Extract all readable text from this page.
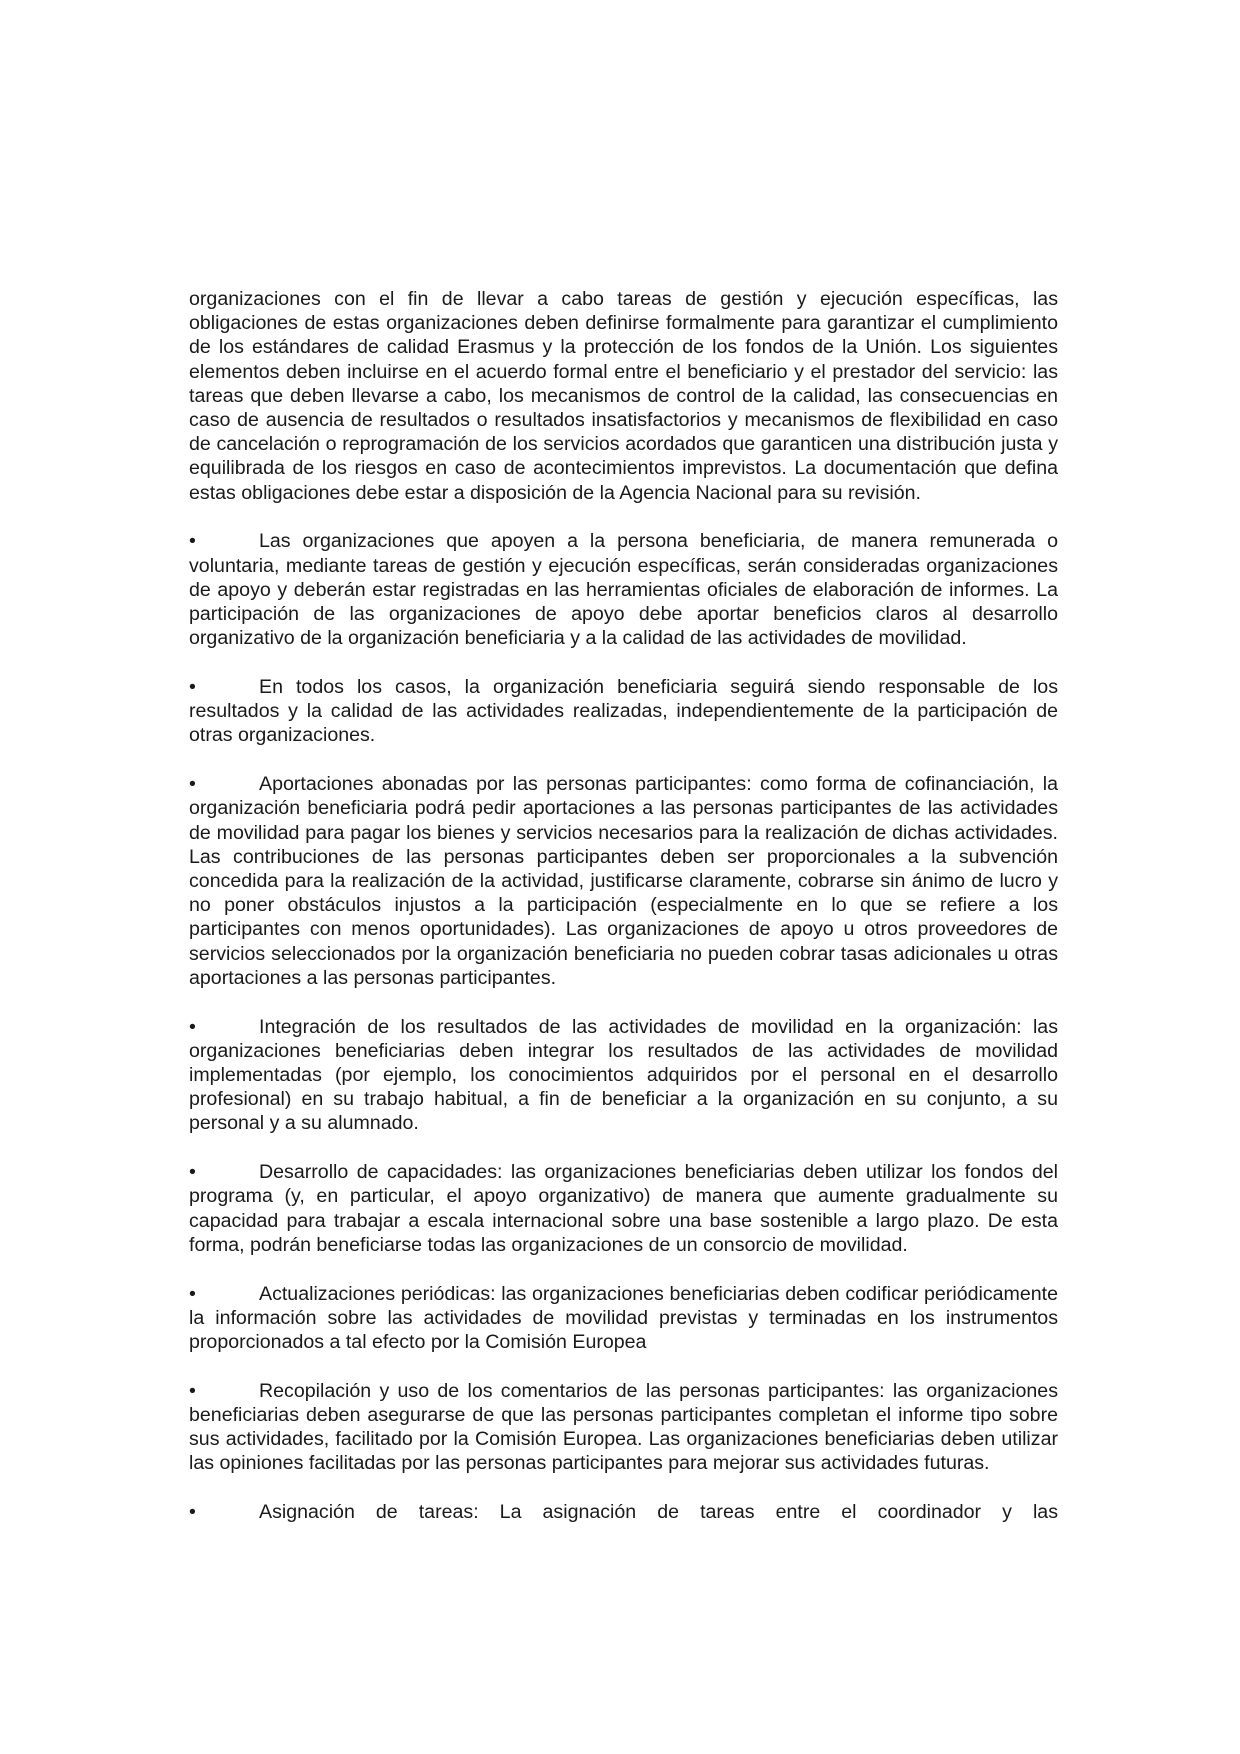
organizaciones con el fin de llevar a cabo tareas de gestión y ejecución específicas, las obligaciones de estas organizaciones deben definirse formalmente para garantizar el cumplimiento de los estándares de calidad Erasmus y la protección de los fondos de la Unión. Los siguientes elementos deben incluirse en el acuerdo formal entre el beneficiario y el prestador del servicio: las tareas que deben llevarse a cabo, los mecanismos de control de la calidad, las consecuencias en caso de ausencia de resultados o resultados insatisfactorios y mecanismos de flexibilidad en caso de cancelación o reprogramación de los servicios acordados que garanticen una distribución justa y equilibrada de los riesgos en caso de acontecimientos imprevistos. La documentación que defina estas obligaciones debe estar a disposición de la Agencia Nacional para su revisión.

•	Las organizaciones que apoyen a la persona beneficiaria, de manera remunerada o voluntaria, mediante tareas de gestión y ejecución específicas, serán consideradas organizaciones de apoyo y deberán estar registradas en las herramientas oficiales de elaboración de informes. La participación de las organizaciones de apoyo debe aportar beneficios claros al desarrollo organizativo de la organización beneficiaria y a la calidad de las actividades de movilidad.

•	En todos los casos, la organización beneficiaria seguirá siendo responsable de los resultados y la calidad de las actividades realizadas, independientemente de la participación de otras organizaciones.

•	Aportaciones abonadas por las personas participantes: como forma de cofinanciación, la organización beneficiaria podrá pedir aportaciones a las personas participantes de las actividades de movilidad para pagar los bienes y servicios necesarios para la realización de dichas actividades. Las contribuciones de las personas participantes deben ser proporcionales a la subvención concedida para la realización de la actividad, justificarse claramente, cobrarse sin ánimo de lucro y no poner obstáculos injustos a la participación (especialmente en lo que se refiere a los participantes con menos oportunidades). Las organizaciones de apoyo u otros proveedores de servicios seleccionados por la organización beneficiaria no pueden cobrar tasas adicionales u otras aportaciones a las personas participantes.

•	Integración de los resultados de las actividades de movilidad en la organización: las organizaciones beneficiarias deben integrar los resultados de las actividades de movilidad implementadas (por ejemplo, los conocimientos adquiridos por el personal en el desarrollo profesional) en su trabajo habitual, a fin de beneficiar a la organización en su conjunto, a su personal y a su alumnado.

•	Desarrollo de capacidades: las organizaciones beneficiarias deben utilizar los fondos del programa (y, en particular, el apoyo organizativo) de manera que aumente gradualmente su capacidad para trabajar a escala internacional sobre una base sostenible a largo plazo. De esta forma, podrán beneficiarse todas las organizaciones de un consorcio de movilidad.

•	Actualizaciones periódicas: las organizaciones beneficiarias deben codificar periódicamente la información sobre las actividades de movilidad previstas y terminadas en los instrumentos proporcionados a tal efecto por la Comisión Europea

•	Recopilación y uso de los comentarios de las personas participantes: las organizaciones beneficiarias deben asegurarse de que las personas participantes completan el informe tipo sobre sus actividades, facilitado por la Comisión Europea. Las organizaciones beneficiarias deben utilizar las opiniones facilitadas por las personas participantes para mejorar sus actividades futuras.

•	Asignación de tareas: La asignación de tareas entre el coordinador y las
